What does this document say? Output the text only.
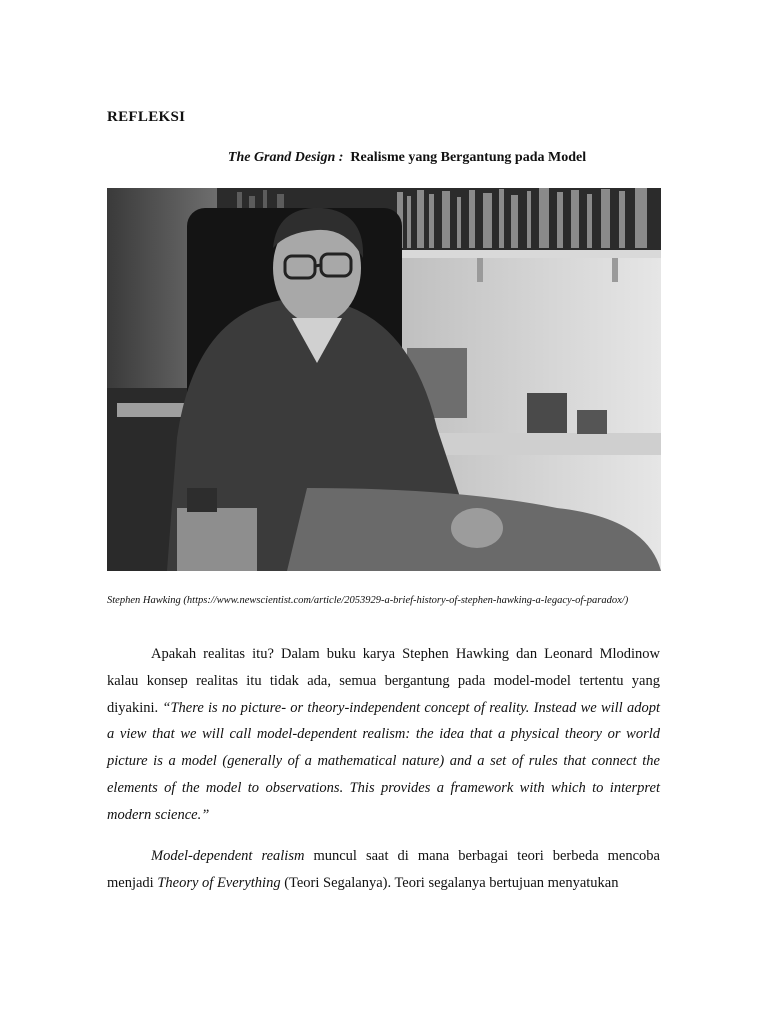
REFLEKSI
The Grand Design : Realisme yang Bergantung pada Model
Stephen Hawking (https://www.newscientist.com/article/2053929-a-brief-history-of-stephen-hawking-a-legacy-of-paradox/)
Apakah realitas itu? Dalam buku karya Stephen Hawking dan Leonard Mlodinow kalau konsep realitas itu tidak ada, semua bergantung pada model-model tertentu yang diyakini. “There is no picture- or theory-independent concept of reality. Instead we will adopt a view that we will call model-dependent realism: the idea that a physical theory or world picture is a model (generally of a mathematical nature) and a set of rules that connect the elements of the model to observations. This provides a framework with which to interpret modern science.”
Model-dependent realism muncul saat di mana berbagai teori berbeda mencoba menjadi Theory of Everything (Teori Segalanya). Teori segalanya bertujuan menyatukan
